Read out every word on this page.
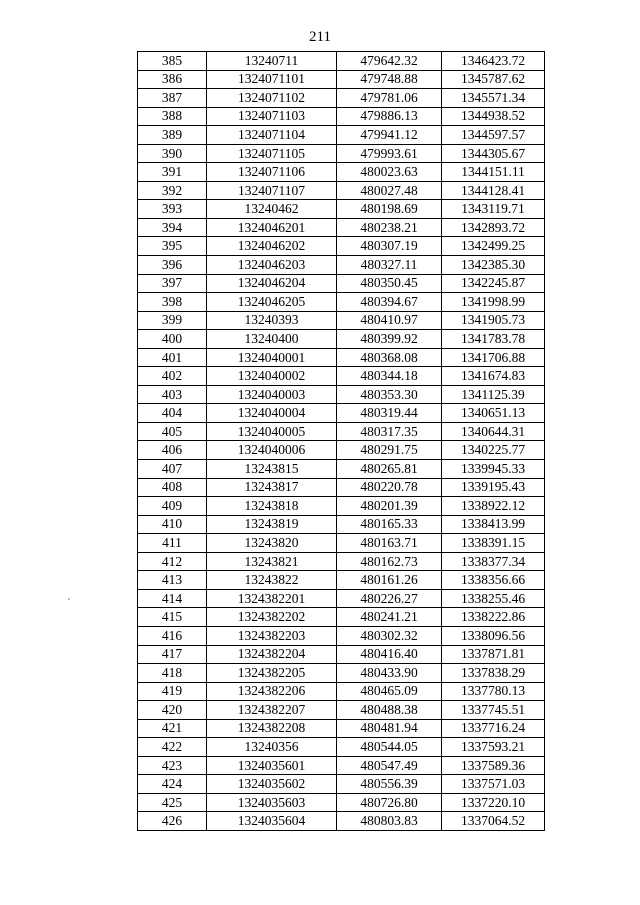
211
385	13240711	479642.32	1346423.72
386	1324071101	479748.88	1345787.62
387	1324071102	479781.06	1345571.34
388	1324071103	479886.13	1344938.52
389	1324071104	479941.12	1344597.57
390	1324071105	479993.61	1344305.67
391	1324071106	480023.63	1344151.11
392	1324071107	480027.48	1344128.41
393	13240462	480198.69	1343119.71
394	1324046201	480238.21	1342893.72
395	1324046202	480307.19	1342499.25
396	1324046203	480327.11	1342385.30
397	1324046204	480350.45	1342245.87
398	1324046205	480394.67	1341998.99
399	13240393	480410.97	1341905.73
400	13240400	480399.92	1341783.78
401	1324040001	480368.08	1341706.88
402	1324040002	480344.18	1341674.83
403	1324040003	480353.30	1341125.39
404	1324040004	480319.44	1340651.13
405	1324040005	480317.35	1340644.31
406	1324040006	480291.75	1340225.77
407	13243815	480265.81	1339945.33
408	13243817	480220.78	1339195.43
409	13243818	480201.39	1338922.12
410	13243819	480165.33	1338413.99
411	13243820	480163.71	1338391.15
412	13243821	480162.73	1338377.34
413	13243822	480161.26	1338356.66
414	1324382201	480226.27	1338255.46
415	1324382202	480241.21	1338222.86
416	1324382203	480302.32	1338096.56
417	1324382204	480416.40	1337871.81
418	1324382205	480433.90	1337838.29
419	1324382206	480465.09	1337780.13
420	1324382207	480488.38	1337745.51
421	1324382208	480481.94	1337716.24
422	13240356	480544.05	1337593.21
423	1324035601	480547.49	1337589.36
424	1324035602	480556.39	1337571.03
425	1324035603	480726.80	1337220.10
426	1324035604	480803.83	1337064.52
